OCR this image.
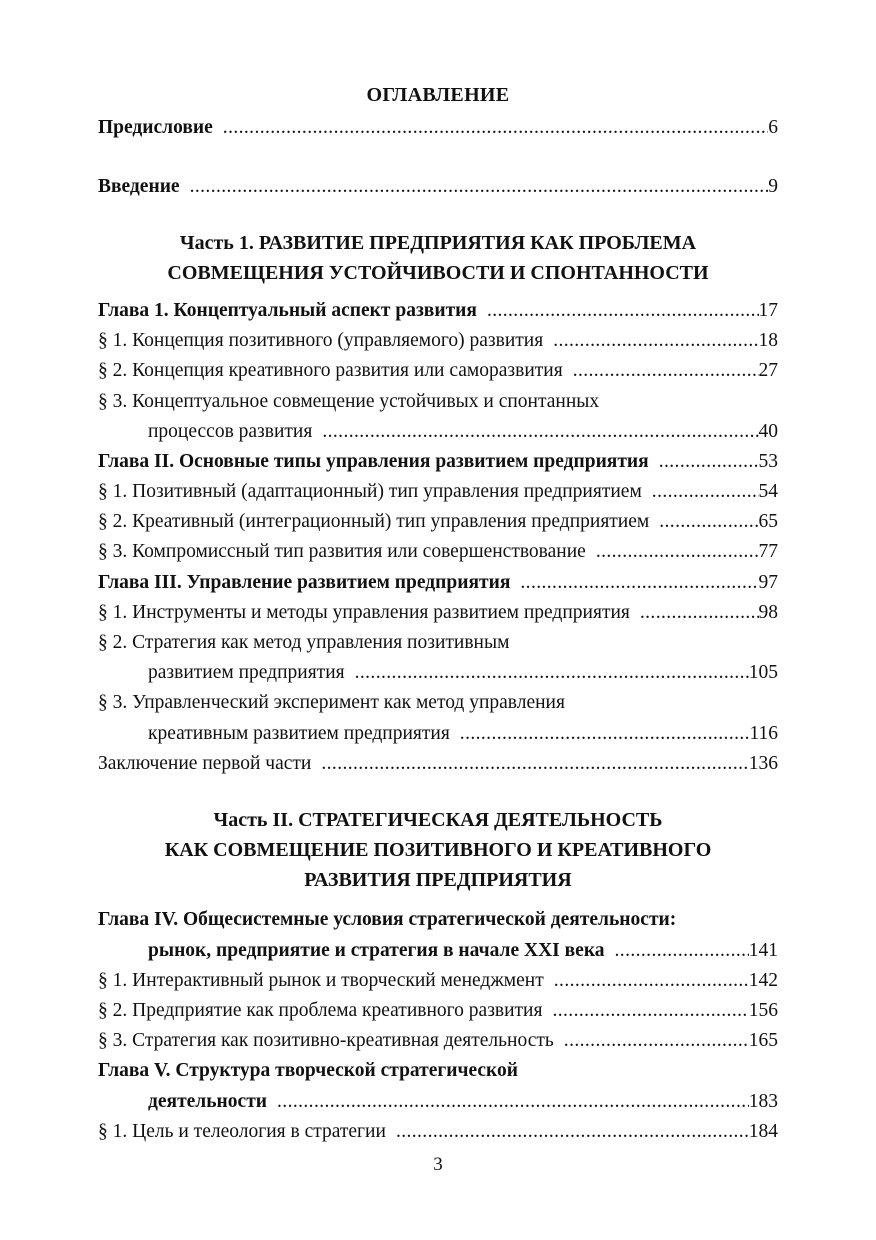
ОГЛАВЛЕНИЕ
Предисловие .....	6
Введение .....	9
Часть 1. РАЗВИТИЕ ПРЕДПРИЯТИЯ КАК ПРОБЛЕМА
СОВМЕЩЕНИЯ УСТОЙЧИВОСТИ И СПОНТАННОСТИ
Глава 1. Концептуальный аспект развития .....	17
§ 1. Концепция позитивного (управляемого) развития .....	18
§ 2. Концепция креативного развития или саморазвития .....	27
§ 3. Концептуальное совмещение устойчивых и спонтанных
процессов развития .....	40
Глава II. Основные типы управления развитием предприятия .....	53
§ 1. Позитивный (адаптационный) тип управления предприятием .....	54
§ 2. Креативный (интеграционный) тип управления предприятием .....	65
§ 3. Компромиссный тип развития или совершенствование .....	77
Глава III. Управление развитием предприятия .....	97
§ 1. Инструменты и методы управления развитием предприятия .....	98
§ 2. Стратегия как метод управления позитивным
развитием предприятия .....	105
§ 3. Управленческий эксперимент как метод управления
креативным развитием предприятия .....	116
Заключение первой части .....	136
Часть II. СТРАТЕГИЧЕСКАЯ ДЕЯТЕЛЬНОСТЬ
КАК СОВМЕЩЕНИЕ ПОЗИТИВНОГО И КРЕАТИВНОГО
РАЗВИТИЯ ПРЕДПРИЯТИЯ
Глава IV. Общесистемные условия стратегической деятельности:
рынок, предприятие и стратегия в начале XXI века .....	141
§ 1. Интерактивный рынок и творческий менеджмент .....	142
§ 2. Предприятие как проблема креативного развития .....	156
§ 3. Стратегия как позитивно-креативная деятельность .....	165
Глава V. Структура творческой стратегической
деятельности .....	183
§ 1. Цель и телеология в стратегии .....	184
3
